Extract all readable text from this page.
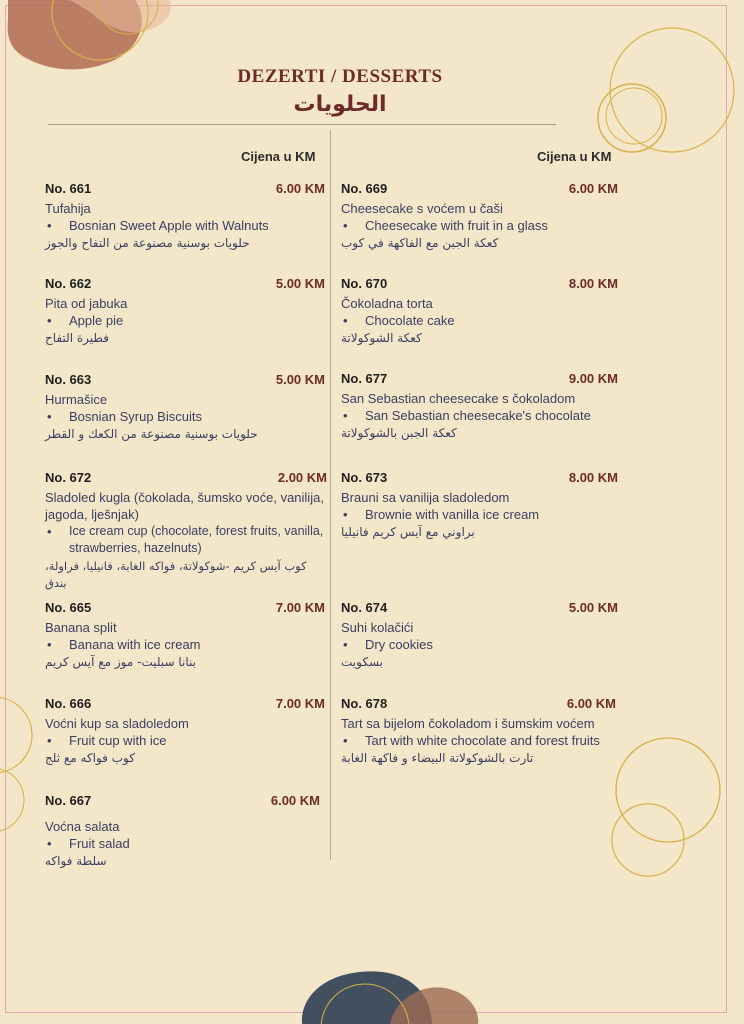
DEZERTI / DESSERTS
الحلويات
Cijena u KM	Cijena u KM
No. 661	6.00 KM
Tufahija
• Bosnian Sweet Apple with Walnuts
حلويات بوسنية مصنوعة من التفاح والجوز
No. 662	5.00 KM
Pita od jabuka
• Apple pie
فطيرة التفاح
No. 663	5.00 KM
Hurmašice
• Bosnian Syrup Biscuits
حلويات بوسنية مصنوعة من الكعك و القطر
No. 672	2.00 KM
Sladoled kugla (čokolada, šumsko voće, vanilija, jagoda, lješnjak)
•	Ice cream cup (chocolate, forest fruits, vanilla, strawberries, hazelnuts)
كوب آيس كريم -شوكولاتة، فواكه الغابة، فانيليا، فراولة، بندق
No. 665	7.00 KM
Banana split
• Banana with ice cream
بنانا سبليت- موز مع آيس كريم
No. 666	7.00 KM
Voćni kup sa sladoledom
• Fruit cup with ice
كوب فواكه مع ثلج
No. 667	6.00 KM
Voćna salata
• Fruit salad
سلطة فواكه
No. 669	6.00 KM
Cheesecake s voćem u čaši
• Cheesecake with fruit in a glass
كعكة الجبن مع الفاكهة في كوب
No. 670	8.00 KM
Čokoladna torta
• Chocolate cake
كعكة الشوكولاتة
No. 677	9.00 KM
San Sebastian cheesecake s čokoladom
• San Sebastian cheesecake's chocolate
كعكة الجبن بالشوكولاتة
No. 673	8.00 KM
Brauni sa vanilija sladoledom
• Brownie with vanilla ice cream
براوني مع آيس كريم فانيليا
No. 674	5.00 KM
Suhi kolačići
• Dry cookies
بسكويت
No. 678	6.00 KM
Tart sa bijelom čokoladom i šumskim voćem
• Tart with white chocolate and forest fruits
تارت بالشوكولاتة البيضاء و فاكهة الغابة
